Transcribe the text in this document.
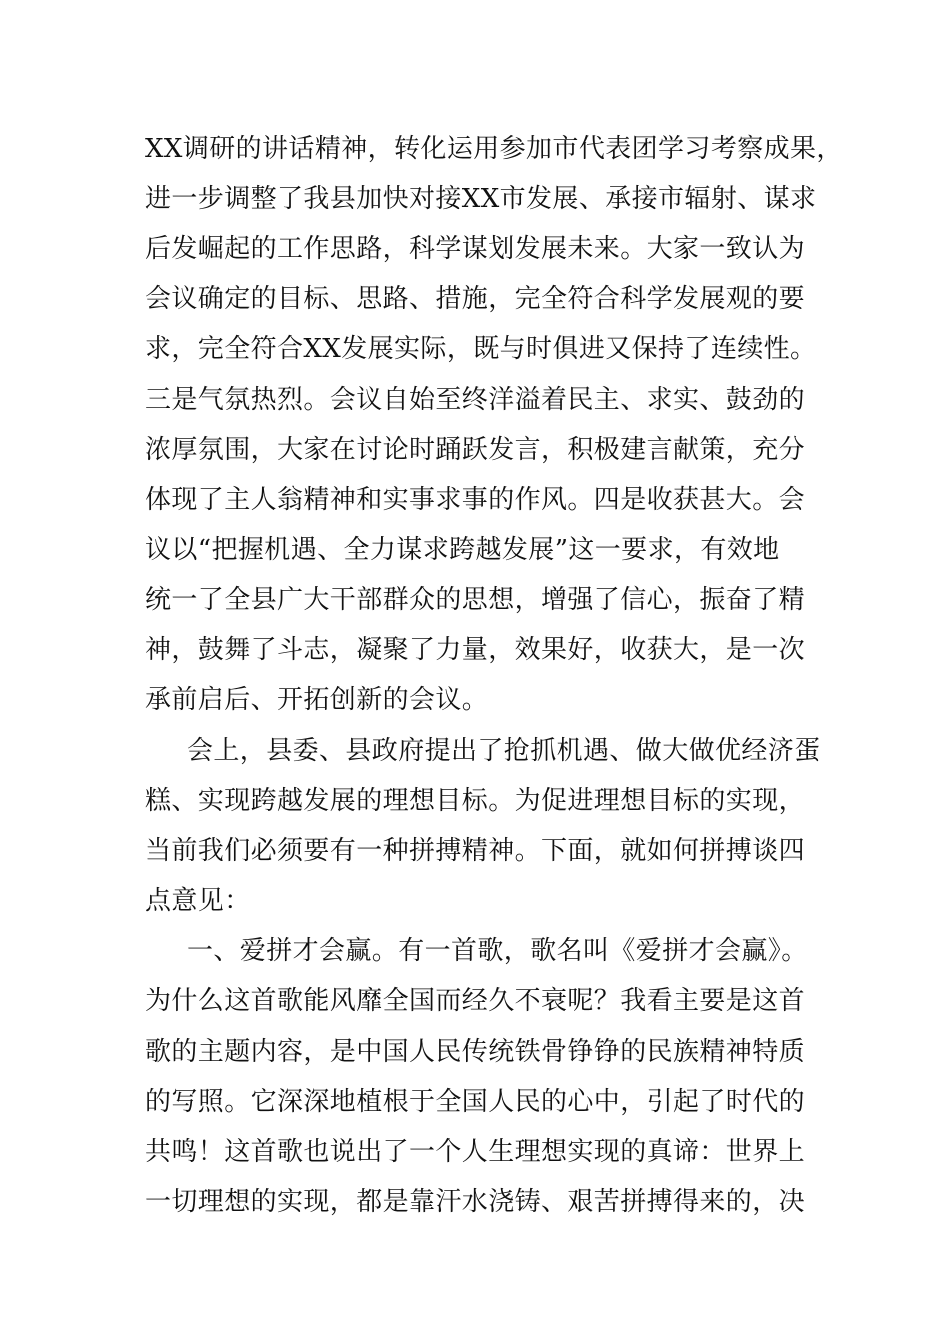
XX调研的讲话精神，转化运用参加市代表团学习考察成果，
进一步调整了我县加快对接XX市发展、承接市辐射、谋求
后发崛起的工作思路，科学谋划发展未来。大家一致认为
会议确定的目标、思路、措施，完全符合科学发展观的要
求，完全符合XX发展实际，既与时俱进又保持了连续性。
三是气氛热烈。会议自始至终洋溢着民主、求实、鼓劲的
浓厚氛围，大家在讨论时踊跃发言，积极建言献策，充分
体现了主人翁精神和实事求事的作风。四是收获甚大。会
议以“把握机遇、全力谋求跨越发展”这一要求，有效地
统一了全县广大干部群众的思想，增强了信心，振奋了精
神，鼓舞了斗志，凝聚了力量，效果好，收获大，是一次
承前启后、开拓创新的会议。
会上，县委、县政府提出了抢抓机遇、做大做优经济蛋
糕、实现跨越发展的理想目标。为促进理想目标的实现，
当前我们必须要有一种拼搏精神。下面，就如何拼搏谈四
点意见：
一、爱拼才会赢。有一首歌，歌名叫《爱拼才会赢》。
为什么这首歌能风靡全国而经久不衰呢？我看主要是这首
歌的主题内容，是中国人民传统铁骨铮铮的民族精神特质
的写照。它深深地植根于全国人民的心中，引起了时代的
共鸣！这首歌也说出了一个人生理想实现的真谛：世界上
一切理想的实现，都是靠汗水浇铸、艰苦拼搏得来的，决
